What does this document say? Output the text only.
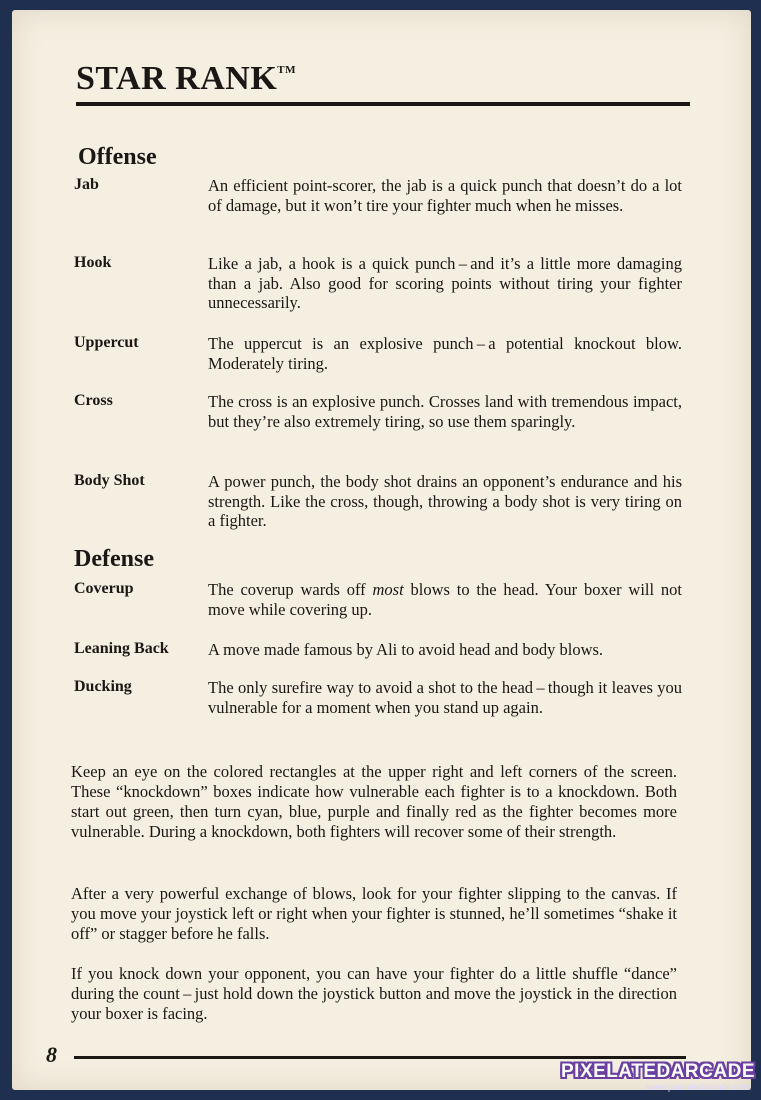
STAR RANK™
Offense
Jab	An efficient point-scorer, the jab is a quick punch that doesn’t do a lot of damage, but it won’t tire your fighter much when he misses.
Hook	Like a jab, a hook is a quick punch – and it’s a little more damaging than a jab. Also good for scoring points without tiring your fighter unnecessarily.
Uppercut	The uppercut is an explosive punch – a potential knockout blow. Moderately tiring.
Cross	The cross is an explosive punch. Crosses land with tremendous impact, but they’re also extremely tiring, so use them sparingly.
Body Shot	A power punch, the body shot drains an opponent’s endurance and his strength. Like the cross, though, throwing a body shot is very tiring on a fighter.
Defense
Coverup	The coverup wards off most blows to the head. Your boxer will not move while covering up.
Leaning Back	A move made famous by Ali to avoid head and body blows.
Ducking	The only surefire way to avoid a shot to the head – though it leaves you vulnerable for a moment when you stand up again.

Keep an eye on the colored rectangles at the upper right and left corners of the screen. These “knockdown” boxes indicate how vulnerable each fighter is to a knockdown. Both start out green, then turn cyan, blue, purple and finally red as the fighter becomes more vulnerable. During a knockdown, both fighters will recover some of their strength.

After a very powerful exchange of blows, look for your fighter slipping to the canvas. If you move your joystick left or right when your fighter is stunned, he’ll sometimes “shake it off” or stagger before he falls.

If you knock down your opponent, you can have your fighter do a little shuffle “dance” during the count – just hold down the joystick button and move the joystick in the direction your boxer is facing.

8
PIXELATEDARCADE
www.pixelatedarcade.com
